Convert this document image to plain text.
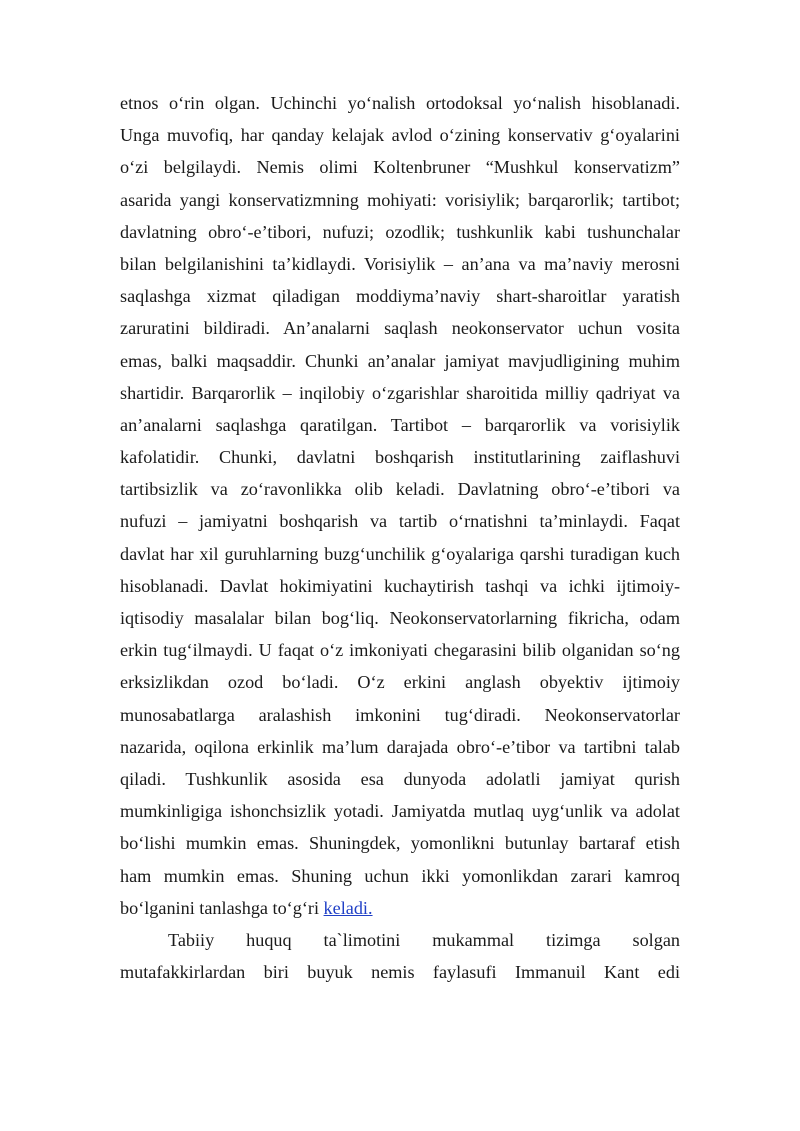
etnos o‘rin olgan. Uchinchi yo‘nalish ortodoksal yo‘nalish hisoblanadi.
Unga muvofiq, har qanday kelajak avlod o‘zining konservativ g‘oyalarini
o‘zi belgilaydi. Nemis olimi Koltenbruner “Mushkul konservatizm”
asarida yangi konservatizmning mohiyati: vorisiylik; barqarorlik; tartibot;
davlatning obro‘-e’tibori, nufuzi; ozodlik; tushkunlik kabi tushunchalar
bilan belgilanishini ta’kidlaydi. Vorisiylik – an’ana va ma’naviy merosni
saqlashga xizmat qiladigan moddiyma’naviy shart-sharoitlar yaratish
zaruratini bildiradi. An’analarni saqlash neokonservator uchun vosita
emas, balki maqsaddir. Chunki an’analar jamiyat mavjudligining muhim
shartidir. Barqarorlik – inqilobiy o‘zgarishlar sharoitida milliy qadriyat va
an’analarni saqlashga qaratilgan. Tartibot – barqarorlik va vorisiylik
kafolatidir. Chunki, davlatni boshqarish institutlarining zaiflashuvi
tartibsizlik va zo‘ravonlikka olib keladi. Davlatning obro‘-e’tibori va
nufuzi – jamiyatni boshqarish va tartib o‘rnatishni ta’minlaydi. Faqat
davlat har xil guruhlarning buzg‘unchilik g‘oyalariga qarshi turadigan kuch
hisoblanadi. Davlat hokimiyatini kuchaytirish tashqi va ichki ijtimoiy-
iqtisodiy masalalar bilan bog‘liq. Neokonservatorlarning fikricha, odam
erkin tug‘ilmaydi. U faqat o‘z imkoniyati chegarasini bilib olganidan so‘ng
erksizlikdan ozod bo‘ladi. O‘z erkini anglash obyektiv ijtimoiy
munosabatlarga aralashish imkonini tug‘diradi. Neokonservatorlar
nazarida, oqilona erkinlik ma’lum darajada obro‘-e’tibor va tartibni talab
qiladi. Tushkunlik asosida esa dunyoda adolatli jamiyat qurish
mumkinligiga ishonchsizlik yotadi. Jamiyatda mutlaq uyg‘unlik va adolat
bo‘lishi mumkin emas. Shuningdek, yomonlikni butunlay bartaraf etish
ham mumkin emas. Shuning uchun ikki yomonlikdan zarari kamroq
bo‘lganini tanlashga to‘g‘ri keladi.
Tabiiy huquq ta`limotini mukammal tizimga solgan
mutafakkirlardan biri buyuk nemis faylasufi Immanuil Kant edi
